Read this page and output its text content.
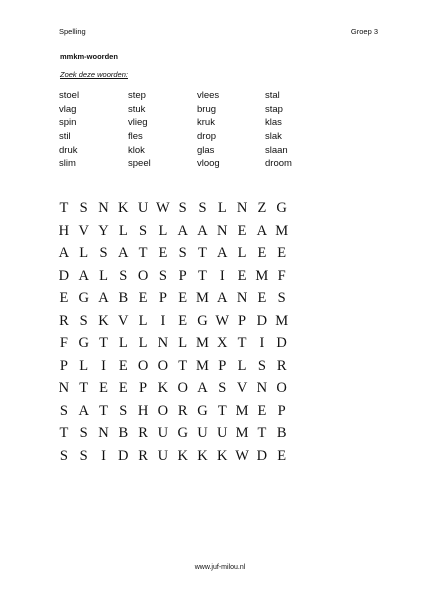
Spelling	Groep 3
mmkm-woorden
Zoek deze woorden:
stoel	step	vlees	stal
vlag	stuk	brug	stap
spin	vlieg	kruk	klas
stil	fles	drop	slak
druk	klok	glas	slaan
slim	speel	vloog	droom
T S N K U W S S L N Z G
H V Y L S L A A N E A M
A L S A T E S T A L E E
D A L S O S P T I E M F
E G A B E P E M A N E S
R S K V L I E G W P D M
F G T L L N L M X T I D
P L I E O O T M P L S R
N T E E P K O A S V N O
S A T S H O R G T M E P
T S N B R U G U U M T B
S S I D R U K K K W D E
www.juf-milou.nl
